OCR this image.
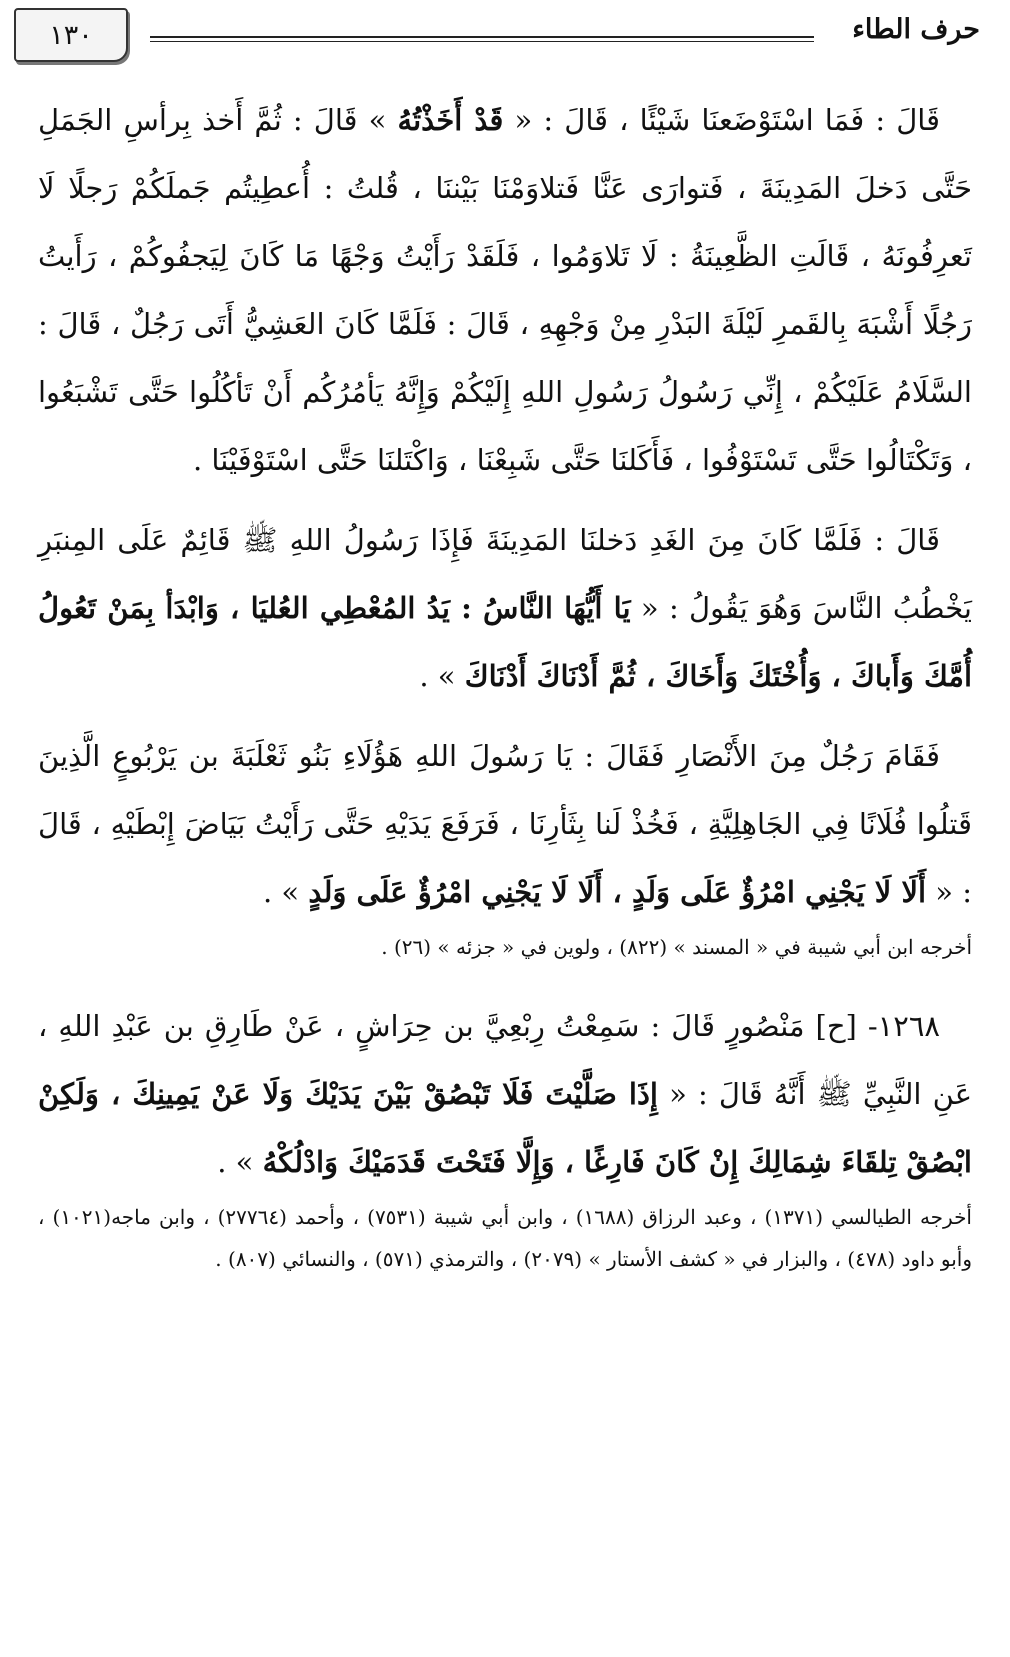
حرف الطاء
١٣٠

قَالَ : فَمَا اسْتَوْضَعنَا شَيْئًا ، قَالَ : « قَدْ أَخَذْتُهُ » قَالَ : ثُمَّ أَخذ بِرأسِ الجَمَلِ حَتَّى دَخلَ المَدِينَةَ ، فَتوارَى عَنَّا فَتلاوَمْنَا بَيْننَا ، قُلتُ : أُعطِيتُم جَملَكُمْ رَجلًا لَا تَعرِفُونَهُ ، قَالَتِ الظَّعِينَةُ : لَا تَلاوَمُوا ، فَلَقَدْ رَأَيْتُ وَجْهًا مَا كَانَ لِيَجفُوكُمْ ، رَأَيتُ رَجُلًا أَشْبَهَ بِالقَمرِ لَيْلَةَ البَدْرِ مِنْ وَجْهِهِ ، قَالَ : فَلَمَّا كَانَ العَشِيُّ أَتَى رَجُلٌ ، قَالَ : السَّلَامُ عَلَيْكُمْ ، إِنِّي رَسُولُ رَسُولِ اللهِ إِلَيْكُمْ وَإِنَّهُ يَأمُرُكُم أَنْ تَأكُلُوا حَتَّى تَشْبَعُوا ، وَتَكْتَالُوا حَتَّى تَسْتَوْفُوا ، فَأَكَلنَا حَتَّى شَبِعْنَا ، وَاكْتَلنَا حَتَّى اسْتَوْفَيْنَا .

قَالَ : فَلَمَّا كَانَ مِنَ الغَدِ دَخلنَا المَدِينَةَ فَإِذَا رَسُولُ اللهِ ﷺ قَائِمٌ عَلَى المِنبَرِ يَخْطُبُ النَّاسَ وَهُوَ يَقُولُ : « يَا أَيُّهَا النَّاسُ : يَدُ المُعْطِي العُليَا ، وَابْدَأ بِمَنْ تَعُولُ أُمَّكَ وَأَباكَ ، وَأُخْتَكَ وَأَخَاكَ ، ثُمَّ أَدْنَاكَ أَدْنَاكَ » .

فَقَامَ رَجُلٌ مِنَ الأَنْصَارِ فَقَالَ : يَا رَسُولَ اللهِ هَؤُلَاءِ بَنُو ثَعْلَبَةَ بن يَرْبُوعٍ الَّذِينَ قَتلُوا فُلَانًا فِي الجَاهِلِيَّةِ ، فَخُذْ لَنا بِثَأرِنَا ، فَرَفَعَ يَدَيْهِ حَتَّى رَأَيْتُ بَيَاضَ إِبْطَيْهِ ، قَالَ : « أَلَا لَا يَجْنِي امْرُؤٌ عَلَى وَلَدٍ ، أَلَا لَا يَجْنِي امْرُؤٌ عَلَى وَلَدٍ » .

أخرجه ابن أبي شيبة في « المسند » (٨٢٢) ، ولوين في « جزئه » (٢٦) .

١٢٦٨- [ح] مَنْصُورٍ قَالَ : سَمِعْتُ رِبْعِيَّ بن حِرَاشٍ ، عَنْ طَارِقِ بن عَبْدِ اللهِ ، عَنِ النَّبِيِّ ﷺ أَنَّهُ قَالَ : « إِذَا صَلَّيْتَ فَلَا تَبْصُقْ بَيْنَ يَدَيْكَ وَلَا عَنْ يَمِينِكَ ، وَلَكِنْ ابْصُقْ تِلقَاءَ شِمَالِكَ إِنْ كَانَ فَارِغًا ، وَإِلَّا فَتَحْتَ قَدَمَيْكَ وَادْلُكْهُ » .

أخرجه الطيالسي (١٣٧١) ، وعبد الرزاق (١٦٨٨) ، وابن أبي شيبة (٧٥٣١) ، وأحمد (٢٧٧٦٤) ، وابن ماجه(١٠٢١) ، وأبو داود (٤٧٨) ، والبزار في « كشف الأستار » (٢٠٧٩) ، والترمذي (٥٧١) ، والنسائي (٨٠٧) .
